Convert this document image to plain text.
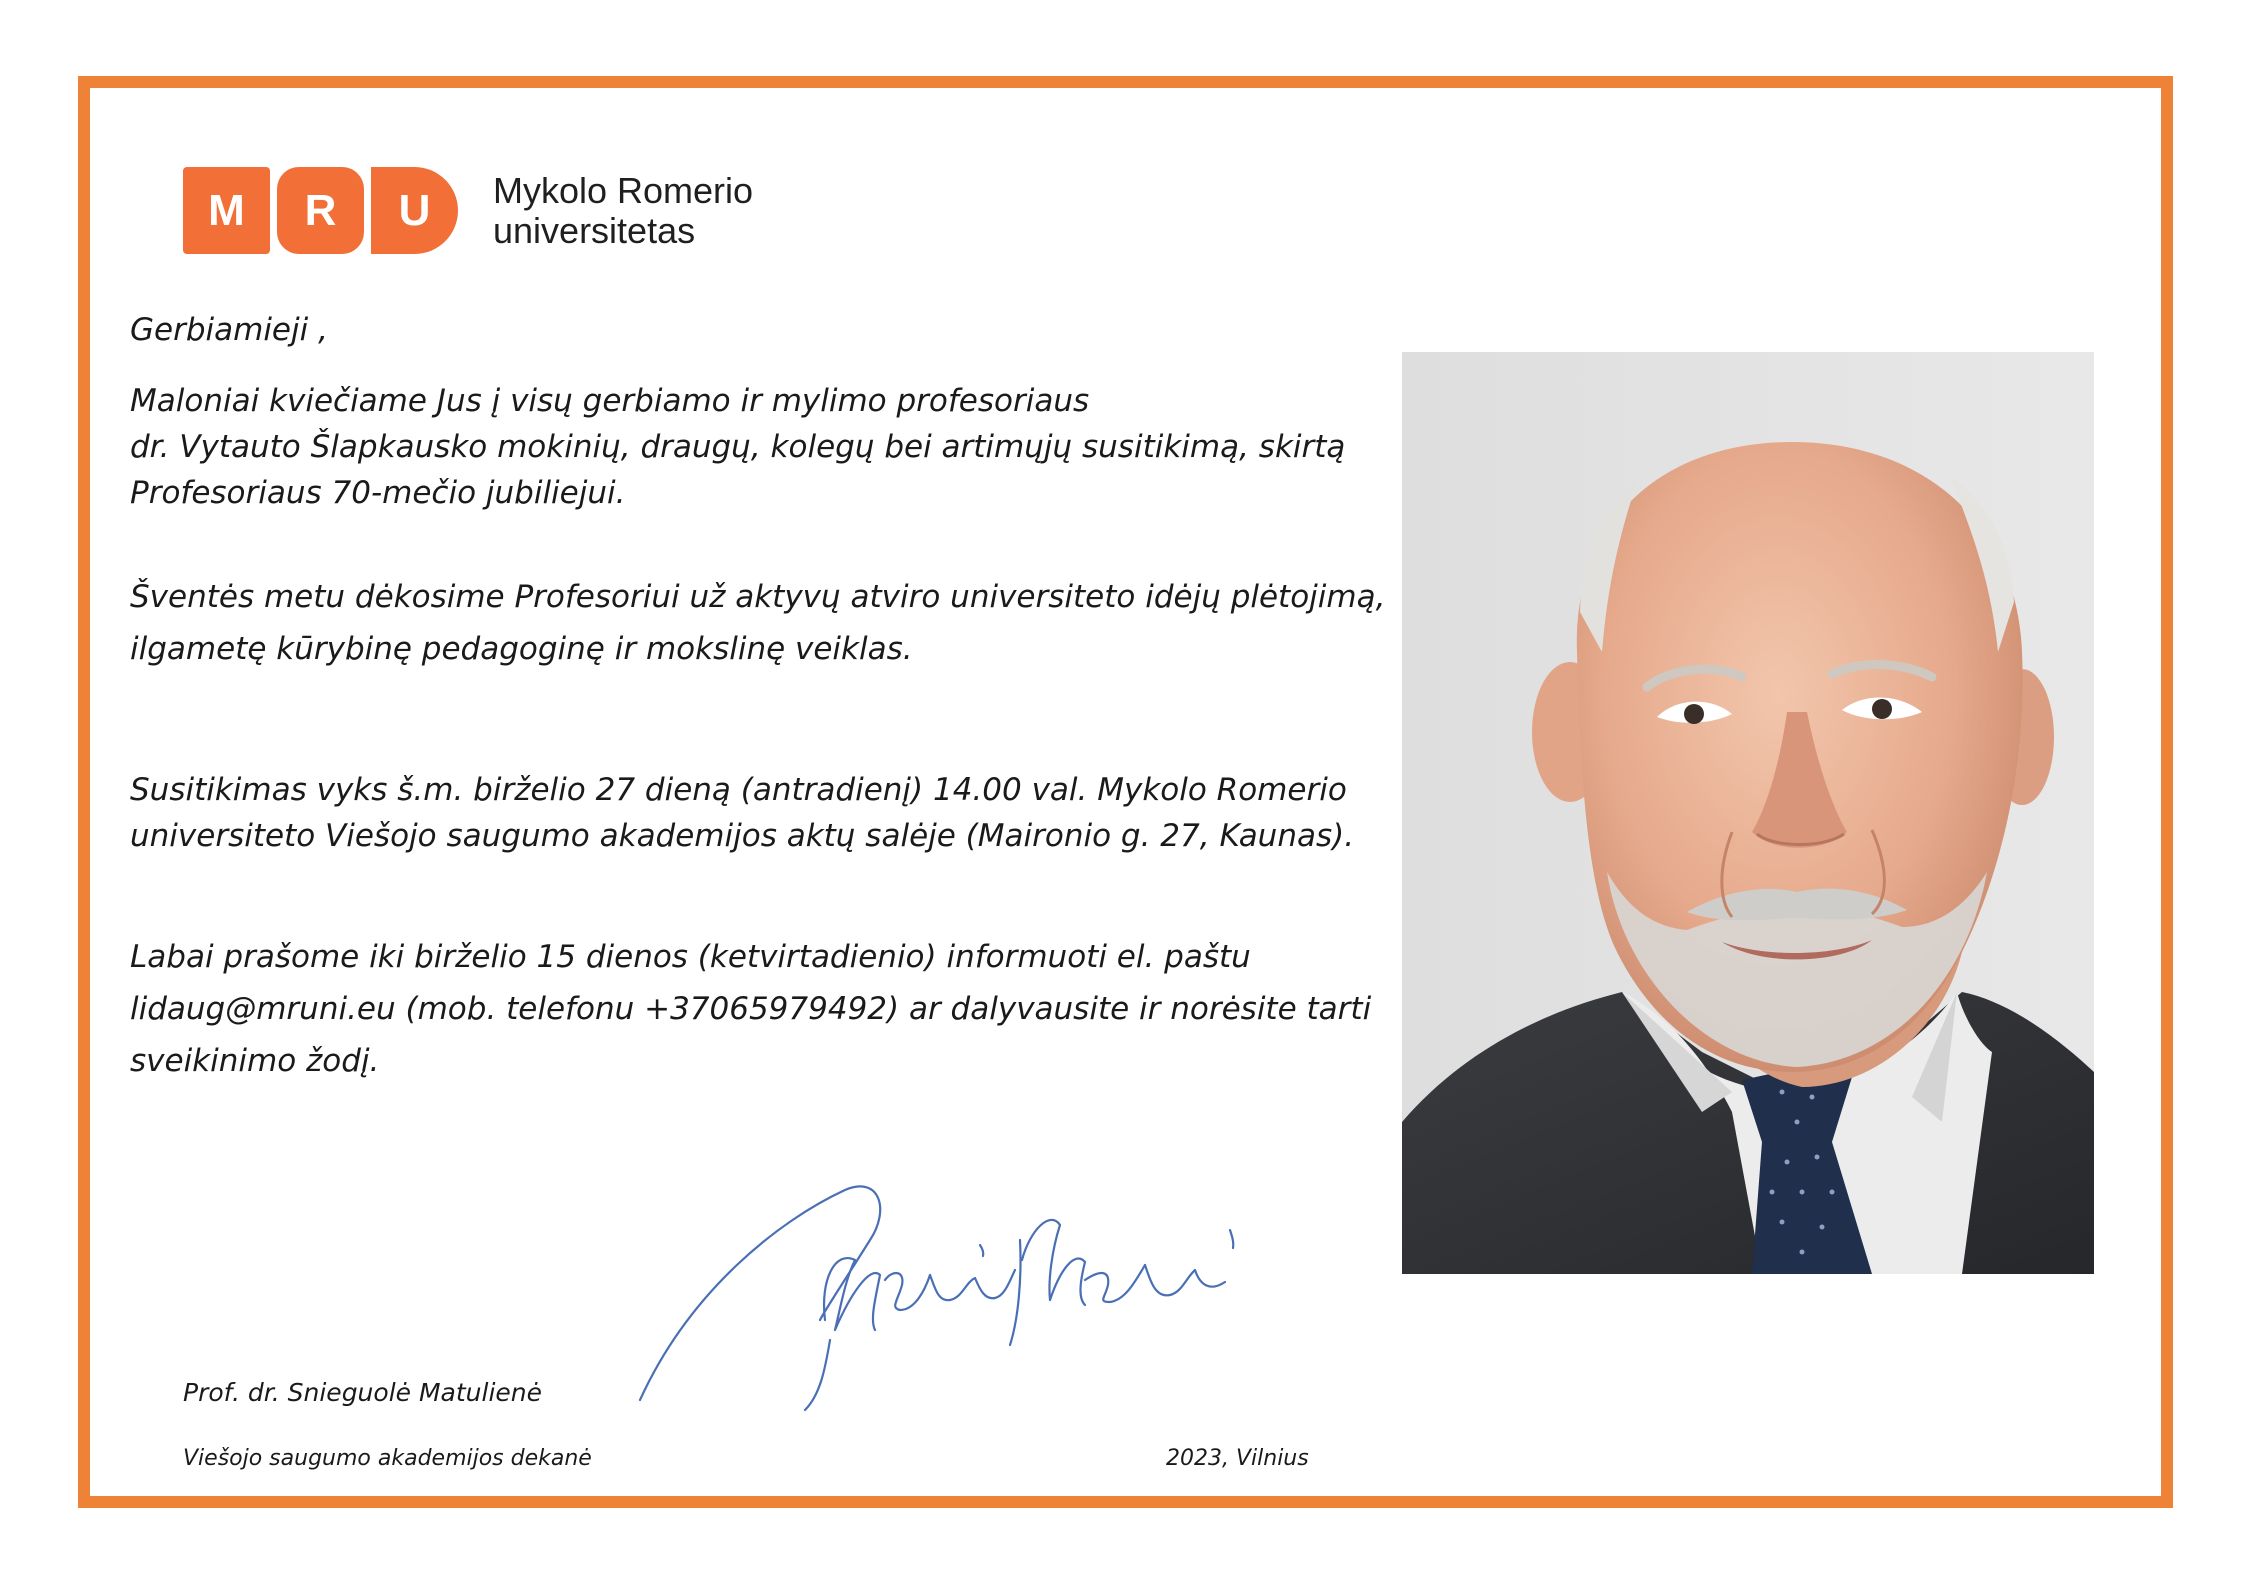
M	R	U	Mykolo Romerio
universitetas

Gerbiamieji ,

Maloniai kviečiame Jus į visų gerbiamo ir mylimo profesoriaus

dr. Vytauto Šlapkausko mokinių, draugų, kolegų bei artimųjų susitikimą, skirtą

Profesoriaus 70-mečio jubiliejui.

Šventės metu dėkosime Profesoriui už aktyvų atviro universiteto idėjų plėtojimą,

ilgametę kūrybinę pedagoginę ir mokslinę veiklas.

Susitikimas vyks š.m. birželio 27 dieną (antradienį) 14.00 val. Mykolo Romerio

universiteto Viešojo saugumo akademijos aktų salėje (Maironio g. 27, Kaunas).

Labai prašome iki birželio 15 dienos (ketvirtadienio) informuoti el. paštu

lidaug@mruni.eu (mob. telefonu +37065979492) ar dalyvausite ir norėsite tarti

sveikinimo žodį.

Prof. dr. Snieguolė Matulienė
Viešojo saugumo akademijos dekanė	2023, Vilnius
